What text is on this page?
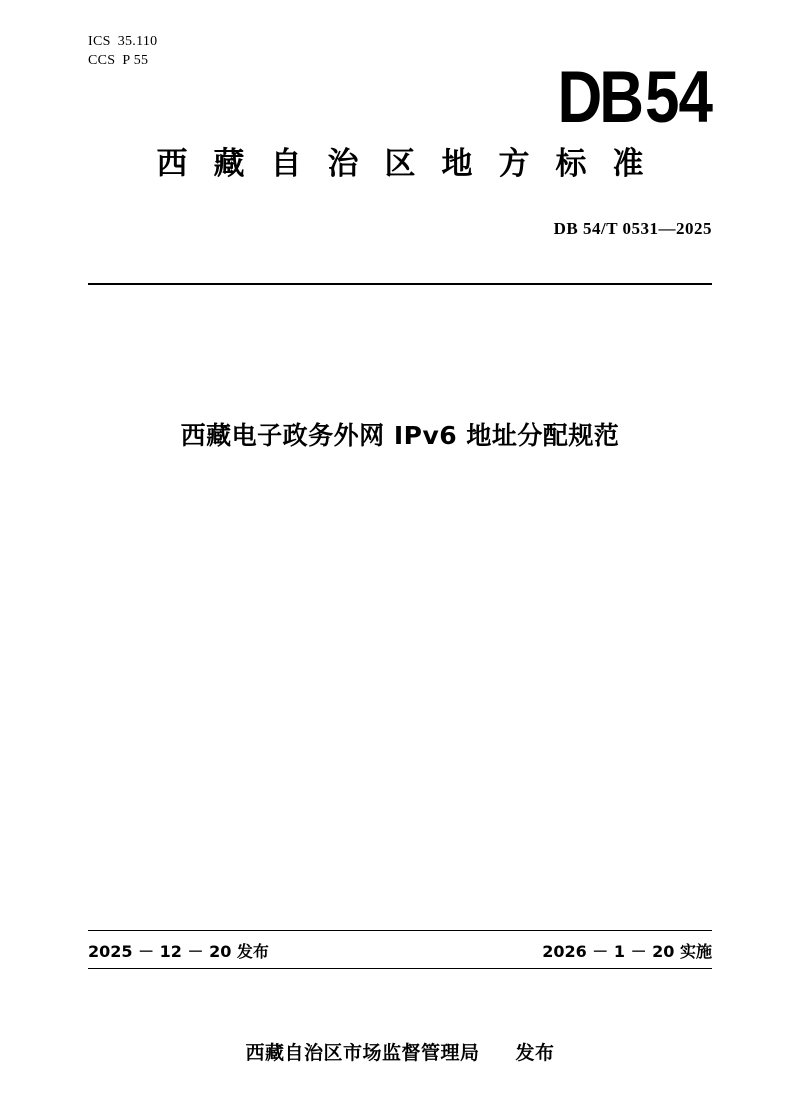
ICS 35.110
CCS P 55	DB54
西 藏 自 治 区 地 方 标 准
DB 54/T 0531—2025
西藏电子政务外网 IPv6 地址分配规范
2025 － 12 － 20 发布	2026 － 1 － 20 实施
西藏自治区市场监督管理局 发布
